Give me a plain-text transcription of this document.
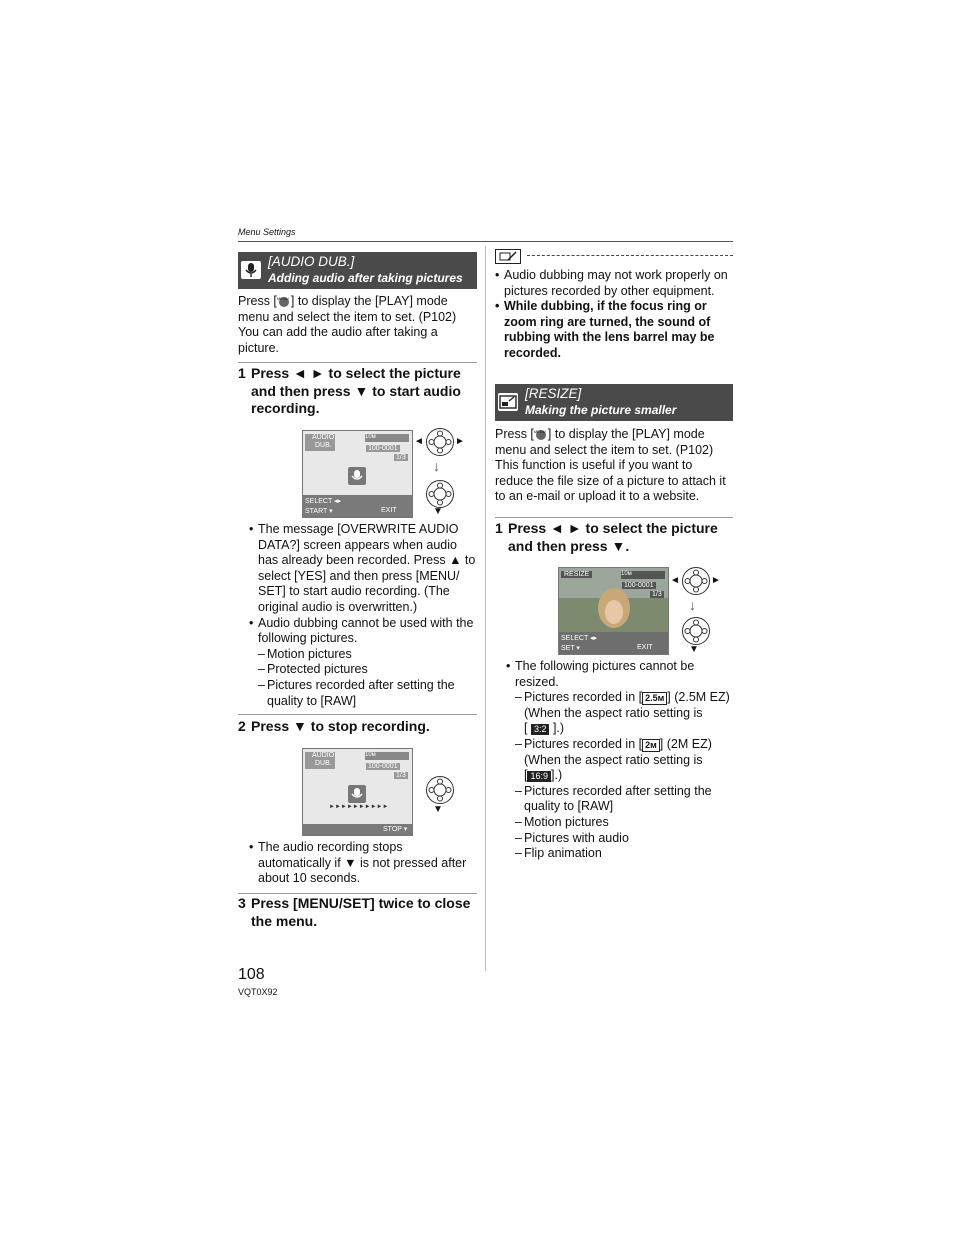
Menu Settings
[AUDIO DUB.]
Adding audio after taking pictures
Press [ MENU ] to display the [PLAY] mode menu and select the item to set. (P102) You can add the audio after taking a picture.
1 Press ◄ ► to select the picture and then press ▼ to start audio recording.
AUDIO
DUB.
10м
100-0001
1/3
SELECT ◂▸
START ▾	EXIT
◄	►
↓
▼
• The message [OVERWRITE AUDIO DATA?] screen appears when audio has already been recorded. Press ▲ to select [YES] and then press [MENU/ SET] to start audio recording. (The original audio is overwritten.)
• Audio dubbing cannot be used with the following pictures.
– Motion pictures
– Protected pictures
– Pictures recorded after setting the quality to [RAW]
2 Press ▼ to stop recording.
AUDIO
DUB.
10м
100-0001
1/3
►►►►►►►►►►
STOP ▾
▼
• The audio recording stops automatically if ▼ is not pressed after about 10 seconds.
3 Press [MENU/SET] twice to close the menu.
• Audio dubbing may not work properly on pictures recorded by other equipment.
• While dubbing, if the focus ring or zoom ring are turned, the sound of rubbing with the lens barrel may be recorded.
[RESIZE]
Making the picture smaller
Press [ MENU ] to display the [PLAY] mode menu and select the item to set. (P102) This function is useful if you want to reduce the file size of a picture to attach it to an e-mail or upload it to a website.
1 Press ◄ ► to select the picture and then press ▼.
RESIZE	10м
100-0001
1/3
SELECT ◂▸
SET ▾	EXIT
◄	►
↓
▼
• The following pictures cannot be resized.
– Pictures recorded in [ 2.5м ] (2.5M EZ)
(When the aspect ratio setting is
[ 3:2 ].)
– Pictures recorded in [ 2м ] (2M EZ)
(When the aspect ratio setting is
[ 16:9 ].)
– Pictures recorded after setting the quality to [RAW]
– Motion pictures
– Pictures with audio
– Flip animation
108
VQT0X92
